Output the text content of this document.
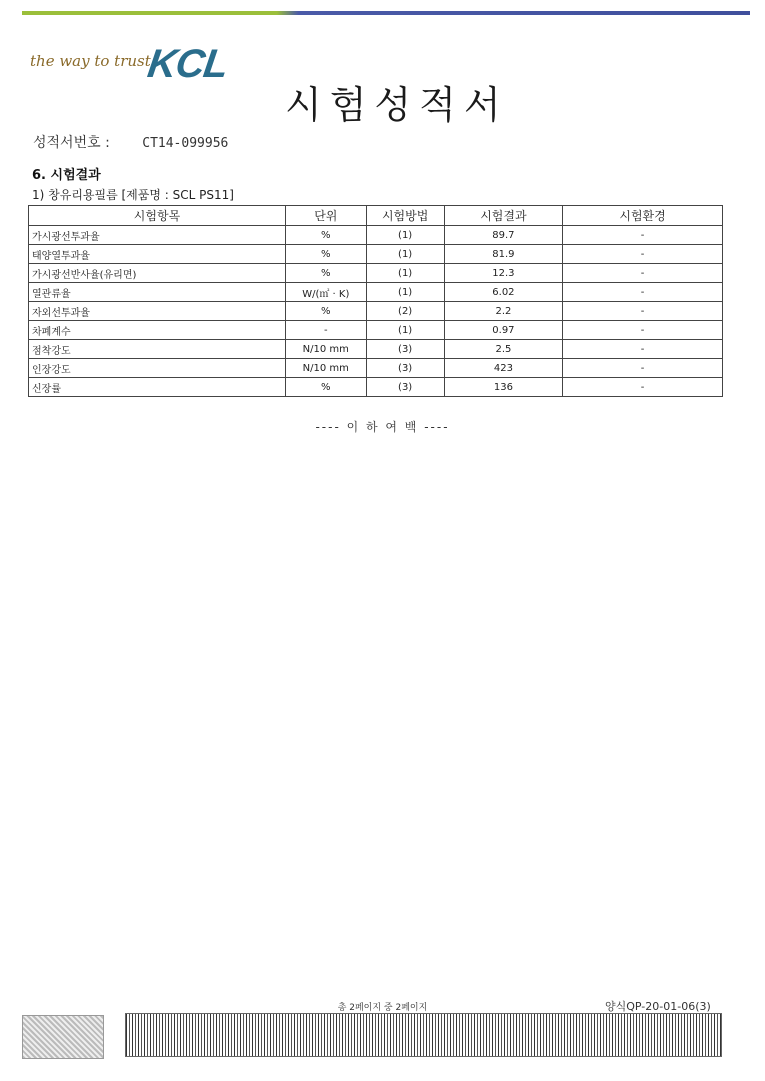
the way to trust
KCL
시험성적서
성적서번호 : CT14-099956
6. 시험결과
1) 창유리용필름 [제품명 : SCL PS11]
시험항목	단위	시험방법	시험결과	시험환경
가시광선투과율	%	(1)	89.7	-
태양열투과율	%	(1)	81.9	-
가시광선반사율(유리면)	%	(1)	12.3	-
열관류율	W/(㎡ · K)	(1)	6.02	-
자외선투과율	%	(2)	2.2	-
차폐계수	-	(1)	0.97	-
점착강도	N/10 mm	(3)	2.5	-
인장강도	N/10 mm	(3)	423	-
신장률	%	(3)	136	-
---- 이 하 여 백 ----
총 2페이지 중 2페이지	양식QP-20-01-06(3)
